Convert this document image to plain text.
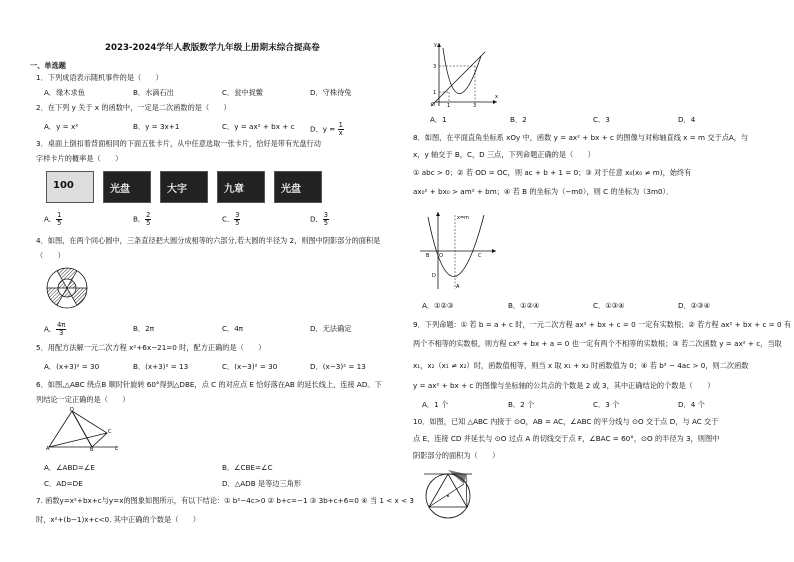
2023-2024学年人教版数学九年级上册期末综合提高卷
一、单选题
1．下列成语表示随机事件的是（　　）
A．缘木求鱼	B．水滴石出	C．瓮中捉鳖	D．守株待兔
2．在下列 y 关于 x 的函数中，一定是二次函数的是（　　）
A．y = x²	B．y = 3x+1	C．y = ax² + bx + c D．$y = \frac{1}{x}$
3．桌面上倒扣着背面相同的下面五张卡片，从中任意选取一张卡片，恰好是带有光盘行动
字样卡片的概率是（　　）
100	光盘	大字	九章	光盘
A． $\frac{1}{5}$	B． $\frac{2}{5}$	C． $\frac{3}{5}$	D． $\frac{3}{5}$
4．如图，在两个同心圆中，三条直径把大圆分成相等的六部分,若大圆的半径为 2，则图中阴影部分的面积是
（　　）
A． $\frac{4\pi}{3}$	B．2π	C．4π	D．无法确定
5．用配方法解一元二次方程 x²+6x−21=0 时，配方正确的是（　　）
A．(x+3)² = 30	B．(x+3)² = 13	C．(x−3)² = 30	D．(x−3)² = 13
6．如图,△ABC 绕点B 顺时针旋转 60°得到△DBE，点 C 的对应点 E 恰好落在AB 的延长线上，连接 AD。下
列结论一定正确的是（　　）
A
D
C
B	E
A．∠ABD=∠E	B．∠CBE=∠C
C．AD=DE	D．△ADB 是等边三角形
7. 函数y=x²+bx+c与y=x的图象如图所示，有以下结论：① b²−4c>0 ② b+c=−1 ③ 3b+c+6=0 ④ 当 1 < x < 3
时，x²+(b−1)x+c<0. 其中正确的个数是（　　）
y
x
O
3
1
1	3
A．1	B．2	C．3	D．4
8．如图，在平面直角坐标系 xOy 中，函数 y = ax² + bx + c 的图像与对称轴直线 x = m 交于点A，与
x，y 轴交于 B，C，D 三点，下列命题正确的是（　　）
① abc > 0；② 若 OD = OC，则 ac + b + 1 = 0；③ 对于任意 x₀(x₀ ≠ m)，始终有
ax₀² + bx₀ > am² + bm；④ 若 B 的坐标为（−m0），则 C 的坐标为（3m0）．
x=m
B O	C
D
A
A．①②③	B．①②④	C．①③④	D．②③④
9．下列命题：① 若 b = a + c 时，一元二次方程 ax² + bx + c = 0 一定有实数根；② 若方程 ax² + bx + c = 0 有
两个不相等的实数根，则方程 cx² + bx + a = 0 也一定有两个不相等的实数根；③ 若二次函数 y = ax² + c，当取
x₁，x₂（x₁ ≠ x₂）时，函数值相等，则当 x 取 x₁ + x₂ 时函数值为 0；④ 若 b² − 4ac > 0，则二次函数
y = ax² + bx + c 的图像与坐标轴的公共点的个数是 2 或 3，其中正确结论的个数是（　　）
A．1 个	B．2 个	C．3 个	D．4 个
10．如图，已知 △ABC 内接于 ⊙O，AB = AC，∠ABC 的平分线与 ⊙O 交于点 D，与 AC 交于
点 E，连接 CD 并延长与 ⊙O 过点 A 的切线交于点 F，∠BAC = 60°，⊙O 的半径为 3，则图中
阴影部分的面积为（　　）
